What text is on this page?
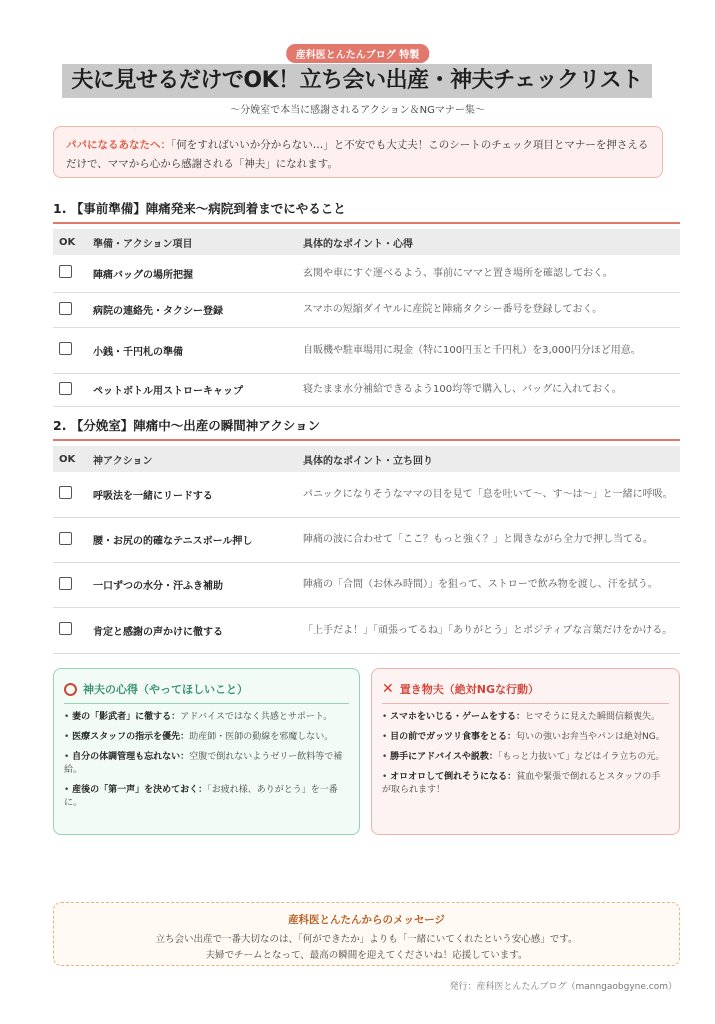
産科医とんたんブログ 特製
夫に見せるだけでOK！立ち会い出産・神夫チェックリスト
〜分娩室で本当に感謝されるアクション＆NGマナー集〜
パパになるあなたへ：「何をすればいいか分からない…」と不安でも大丈夫！このシートのチェック項目とマナーを押さえるだけで、ママから心から感謝される「神夫」になれます。
1. 【事前準備】陣痛発来〜病院到着までにやること
OK	準備・アクション項目	具体的なポイント・心得
	陣痛バッグの場所把握	玄関や車にすぐ運べるよう、事前にママと置き場所を確認しておく。
	病院の連絡先・タクシー登録	スマホの短縮ダイヤルに産院と陣痛タクシー番号を登録しておく。
	小銭・千円札の準備	自販機や駐車場用に現金（特に100円玉と千円札）を3,000円分ほど用意。
	ペットボトル用ストローキャップ	寝たまま水分補給できるよう100均等で購入し、バッグに入れておく。
2. 【分娩室】陣痛中〜出産の瞬間神アクション
OK	神アクション	具体的なポイント・立ち回り
	呼吸法を一緒にリードする	パニックになりそうなママの目を見て「息を吐いて〜、す〜は〜」と一緒に呼吸。
	腰・お尻の的確なテニスボール押し	陣痛の波に合わせて「ここ？もっと強く？」と聞きながら全力で押し当てる。
	一口ずつの水分・汗ふき補助	陣痛の「合間（お休み時間）」を狙って、ストローで飲み物を渡し、汗を拭う。
	肯定と感謝の声かけに徹する	「上手だよ！」「頑張ってるね」「ありがとう」とポジティブな言葉だけをかける。
神夫の心得（やってほしいこと）
• 妻の「影武者」に徹する：アドバイスではなく共感とサポート。
• 医療スタッフの指示を優先：助産師・医師の動線を邪魔しない。
• 自分の体調管理も忘れない：空腹で倒れないようゼリー飲料等で補給。
• 産後の「第一声」を決めておく：「お疲れ様、ありがとう」を一番に。
✕ 置き物夫（絶対NGな行動）
• スマホをいじる・ゲームをする：ヒマそうに見えた瞬間信頼喪失。
• 目の前でガッツリ食事をとる：匂いの強いお弁当やパンは絶対NG。
• 勝手にアドバイスや説教：「もっと力抜いて」などはイラ立ちの元。
• オロオロして倒れそうになる：貧血や緊張で倒れるとスタッフの手が取られます！
産科医とんたんからのメッセージ
立ち会い出産で一番大切なのは、「何ができたか」よりも「一緒にいてくれたという安心感」です。
夫婦でチームとなって、最高の瞬間を迎えてくださいね！応援しています。
発行：産科医とんたんブログ（manngaobgyne.com）
